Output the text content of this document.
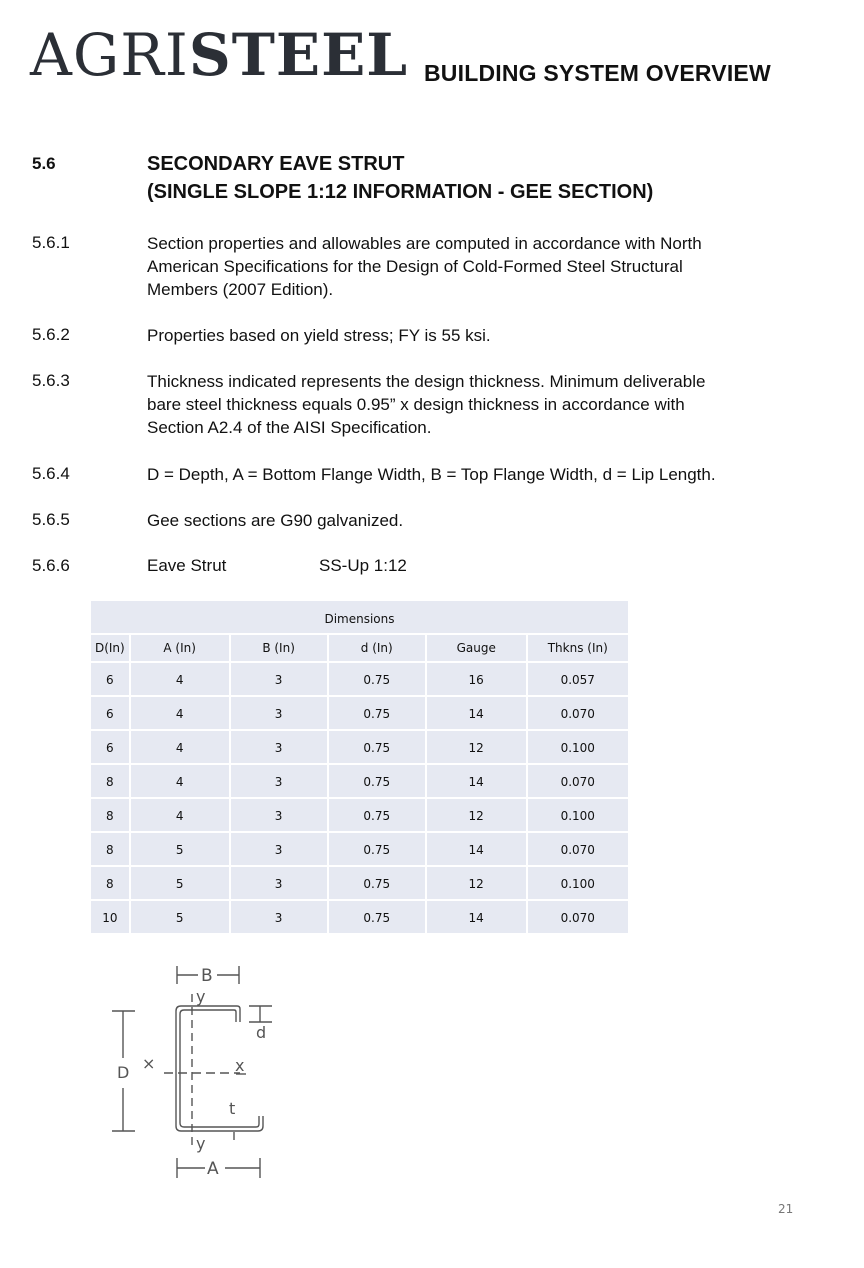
AGRISTEEL BUILDING SYSTEM OVERVIEW
5.6	SECONDARY EAVE STRUT
(SINGLE SLOPE 1:12 INFORMATION - GEE SECTION)
5.6.1	Section properties and allowables are computed in accordance with North
American Specifications for the Design of Cold-Formed Steel Structural
Members (2007 Edition).
5.6.2	Properties based on yield stress; FY is 55 ksi.
5.6.3	Thickness indicated represents the design thickness. Minimum deliverable
bare steel thickness equals 0.95” x design thickness in accordance with
Section A2.4 of the AISI Specification.
5.6.4	D = Depth, A = Bottom Flange Width, B = Top Flange Width, d = Lip Length.
5.6.5	Gee sections are G90 galvanized.
5.6.6	Eave Strut	SS-Up 1:12
Dimensions					
D(In)	A (In)	B (In)	d (In)	Gauge	Thkns (In)
6	4	3	0.75	16	0.057
6	4	3	0.75	14	0.070
6	4	3	0.75	12	0.100
8	4	3	0.75	14	0.070
8	4	3	0.75	12	0.100
8	5	3	0.75	14	0.070
8	5	3	0.75	12	0.100
10	5	3	0.75	14	0.070
B
D
d
y
y
×	x
t
A
21
